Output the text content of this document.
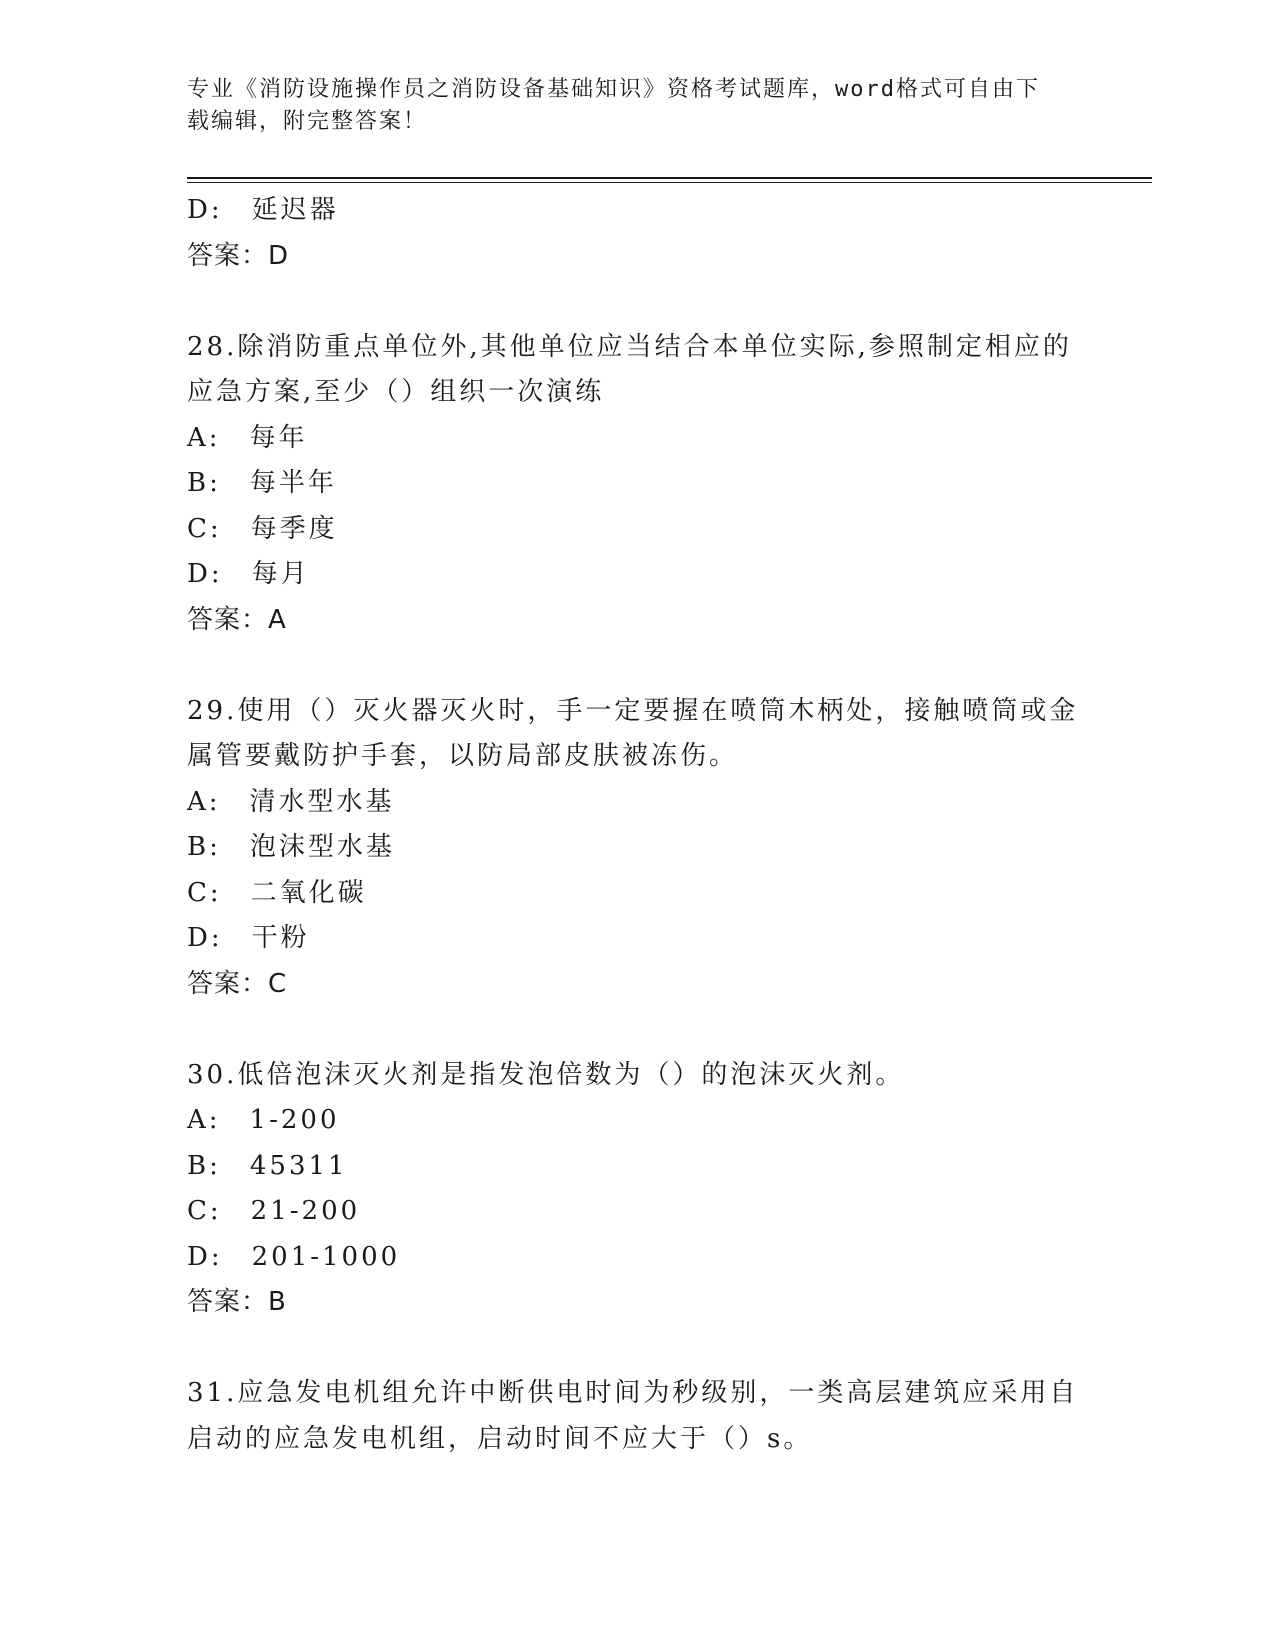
专业《消防设施操作员之消防设备基础知识》资格考试题库，word格式可自由下
载编辑，附完整答案！
D:　延迟器
答案：D
28.除消防重点单位外,其他单位应当结合本单位实际,参照制定相应的
应急方案,至少（）组织一次演练
A:　每年
B:　每半年
C:　每季度
D:　每月
答案：A
29.使用（）灭火器灭火时，手一定要握在喷筒木柄处，接触喷筒或金
属管要戴防护手套，以防局部皮肤被冻伤。
A:　清水型水基
B:　泡沫型水基
C:　二氧化碳
D:　干粉
答案：C
30.低倍泡沫灭火剂是指发泡倍数为（）的泡沫灭火剂。
A:　1-200
B:　45311
C:　21-200
D:　201-1000
答案：B
31.应急发电机组允许中断供电时间为秒级别，一类高层建筑应采用自
启动的应急发电机组，启动时间不应大于（）s。
